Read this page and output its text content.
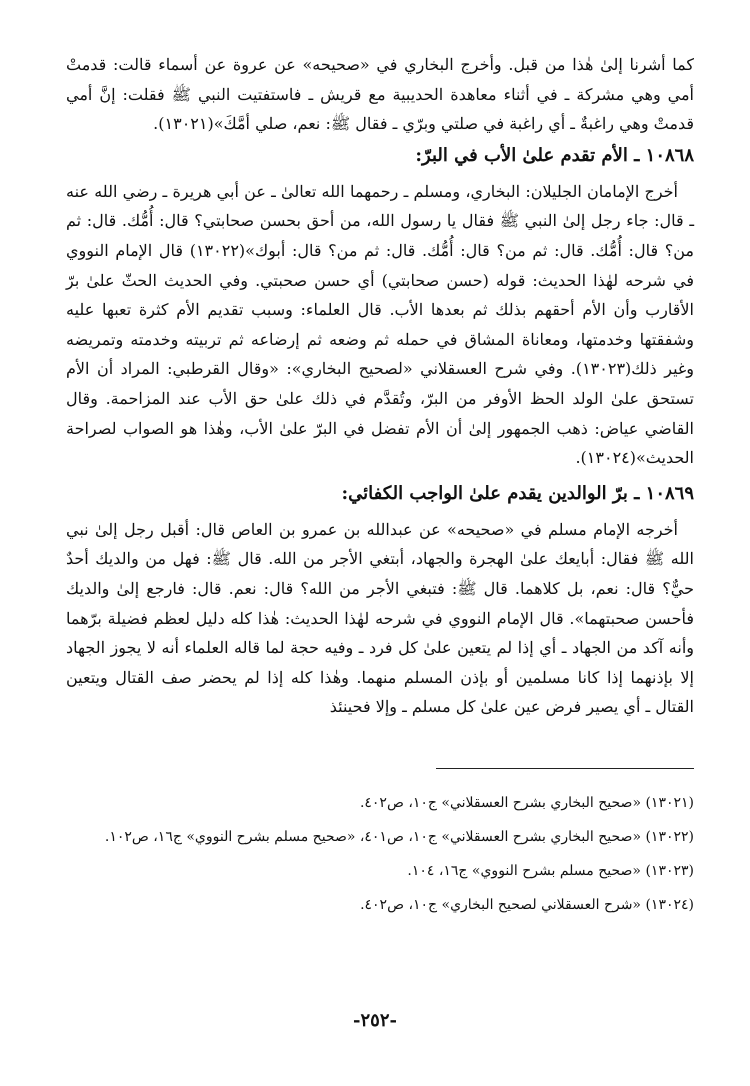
كما أشرنا إلىٰ هٰذا من قبل. وأخرج البخاري في «صحيحه» عن عروة عن أسماء قالت: قدمتْ أمي وهي مشركة ـ في أثناء معاهدة الحديبية مع قريش ـ فاستفتيت النبي ﷺ فقلت: إنَّ أمي قدمتْ وهي راغبةٌ ـ أي راغبة في صلتي وبرّي ـ فقال ﷺ: نعم، صلي أمَّكَ»(١٣٠٢١).

١٠٨٦٨ ـ الأم تقدم علىٰ الأب في البرّ:

أخرج الإمامان الجليلان: البخاري، ومسلم ـ رحمهما الله تعالىٰ ـ عن أبي هريرة ـ رضي الله عنه ـ قال: جاء رجل إلىٰ النبي ﷺ فقال يا رسول الله، من أحق بحسن صحابتي؟ قال: أُمُّك. قال: ثم من؟ قال: أُمُّك. قال: ثم من؟ قال: أُمُّك. قال: ثم من؟ قال: أبوك»(١٣٠٢٢) قال الإمام النووي في شرحه لهٰذا الحديث: قوله (حسن صحابتي) أي حسن صحبتي. وفي الحديث الحثّ علىٰ برّ الأقارب وأن الأم أحقهم بذلك ثم بعدها الأب. قال العلماء: وسبب تقديم الأم كثرة تعبها عليه وشفقتها وخدمتها، ومعاناة المشاق في حمله ثم وضعه ثم إرضاعه ثم تربيته وخدمته وتمريضه وغير ذلك(١٣٠٢٣). وفي شرح العسقلاني «لصحيح البخاري»: «وقال القرطبي: المراد أن الأم تستحق علىٰ الولد الحظ الأوفر من البرّ، وتُقدَّم في ذلك علىٰ حق الأب عند المزاحمة. وقال القاضي عياض: ذهب الجمهور إلىٰ أن الأم تفضل في البرّ علىٰ الأب، وهٰذا هو الصواب لصراحة الحديث»(١٣٠٢٤).

١٠٨٦٩ ـ برّ الوالدين يقدم علىٰ الواجب الكفائي:

أخرجه الإمام مسلم في «صحيحه» عن عبدالله بن عمرو بن العاص قال: أقبل رجل إلىٰ نبي الله ﷺ فقال: أبايعك علىٰ الهجرة والجهاد، أبتغي الأجر من الله. قال ﷺ: فهل من والديك أحدٌ حيٌّ؟ قال: نعم، بل كلاهما. قال ﷺ: فتبغي الأجر من الله؟ قال: نعم. قال: فارجع إلىٰ والديك فأحسن صحبتهما». قال الإمام النووي في شرحه لهٰذا الحديث: هٰذا كله دليل لعظم فضيلة برّهما وأنه آكد من الجهاد ـ أي إذا لم يتعين علىٰ كل فرد ـ وفيه حجة لما قاله العلماء أنه لا يجوز الجهاد إلا بإذنهما إذا كانا مسلمين أو بإذن المسلم منهما. وهٰذا كله إذا لم يحضر صف القتال ويتعين القتال ـ أي يصير فرض عين علىٰ كل مسلم ـ وإلا فحينئذ

(١٣٠٢١) «صحيح البخاري بشرح العسقلاني» ج١٠، ص٤٠٢.

(١٣٠٢٢) «صحيح البخاري بشرح العسقلاني» ج١٠، ص٤٠١، «صحيح مسلم بشرح النووي» ج١٦، ص١٠٢.

(١٣٠٢٣) «صحيح مسلم بشرح النووي» ج١٦، ١٠٤.

(١٣٠٢٤) «شرح العسقلاني لصحيح البخاري» ج١٠، ص٤٠٢.

-٢٥٢-
